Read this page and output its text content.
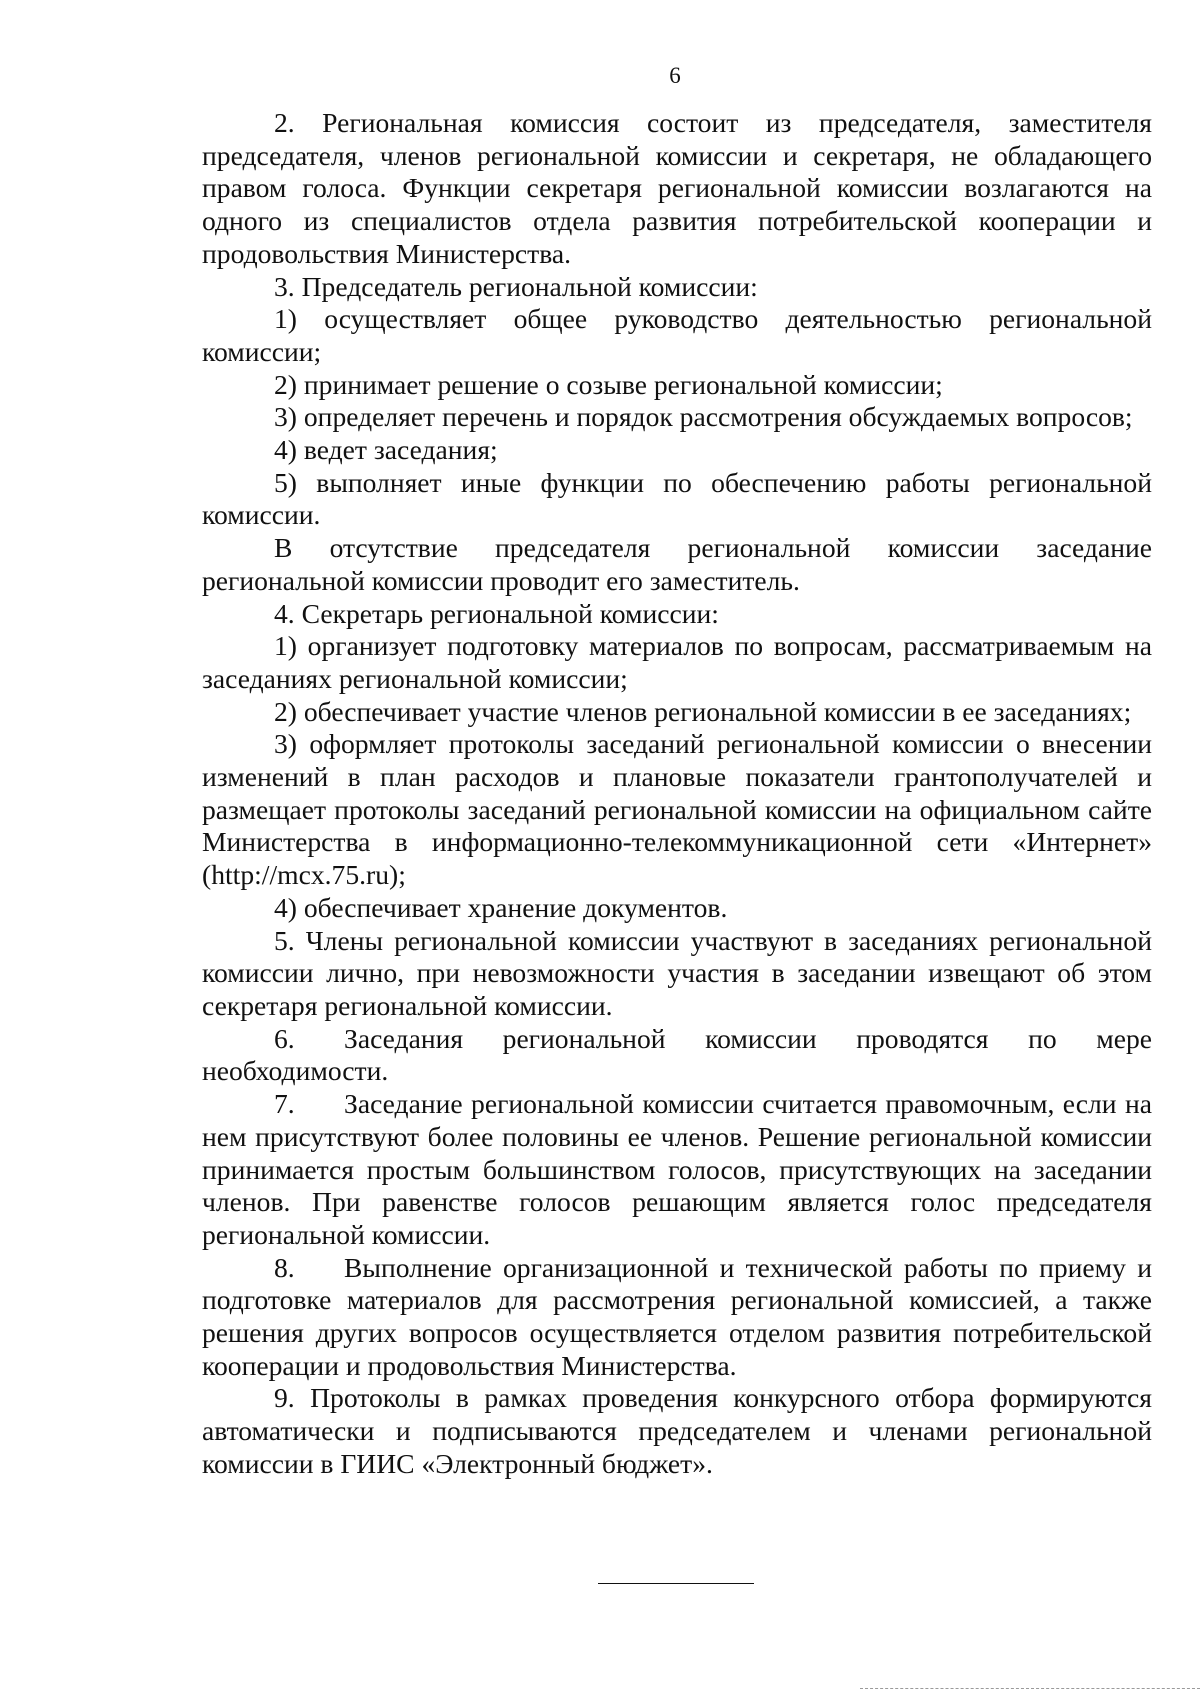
6

2. Региональная комиссия состоит из председателя, заместителя председателя, членов региональной комиссии и секретаря, не обладающего правом голоса. Функции секретаря региональной комиссии возлагаются на одного из специалистов отдела развития потребительской кооперации и продовольствия Министерства.

3. Председатель региональной комиссии:

1) осуществляет общее руководство деятельностью региональной комиссии;

2) принимает решение о созыве региональной комиссии;

3) определяет перечень и порядок рассмотрения обсуждаемых вопросов;

4) ведет заседания;

5) выполняет иные функции по обеспечению работы региональной комиссии.

В отсутствие председателя региональной комиссии заседание региональной комиссии проводит его заместитель.

4. Секретарь региональной комиссии:

1) организует подготовку материалов по вопросам, рассматриваемым на заседаниях региональной комиссии;

2) обеспечивает участие членов региональной комиссии в ее заседаниях;

3) оформляет протоколы заседаний региональной комиссии о внесении изменений в план расходов и плановые показатели грантополучателей и размещает протоколы заседаний региональной комиссии на официальном сайте Министерства в информационно-телекоммуникационной сети «Интернет» (http://mcx.75.ru);

4) обеспечивает хранение документов.

5. Члены региональной комиссии участвуют в заседаниях региональной комиссии лично, при невозможности участия в заседании извещают об этом секретаря региональной комиссии.

6. Заседания региональной комиссии проводятся по мере необходимости.

7. Заседание региональной комиссии считается правомочным, если на нем присутствуют более половины ее членов. Решение региональной комиссии принимается простым большинством голосов, присутствующих на заседании членов. При равенстве голосов решающим является голос председателя региональной комиссии.

8. Выполнение организационной и технической работы по приему и подготовке материалов для рассмотрения региональной комиссией, а также решения других вопросов осуществляется отделом развития потребительской кооперации и продовольствия Министерства.

9. Протоколы в рамках проведения конкурсного отбора формируются автоматически и подписываются председателем и членами региональной комиссии в ГИИС «Электронный бюджет».
